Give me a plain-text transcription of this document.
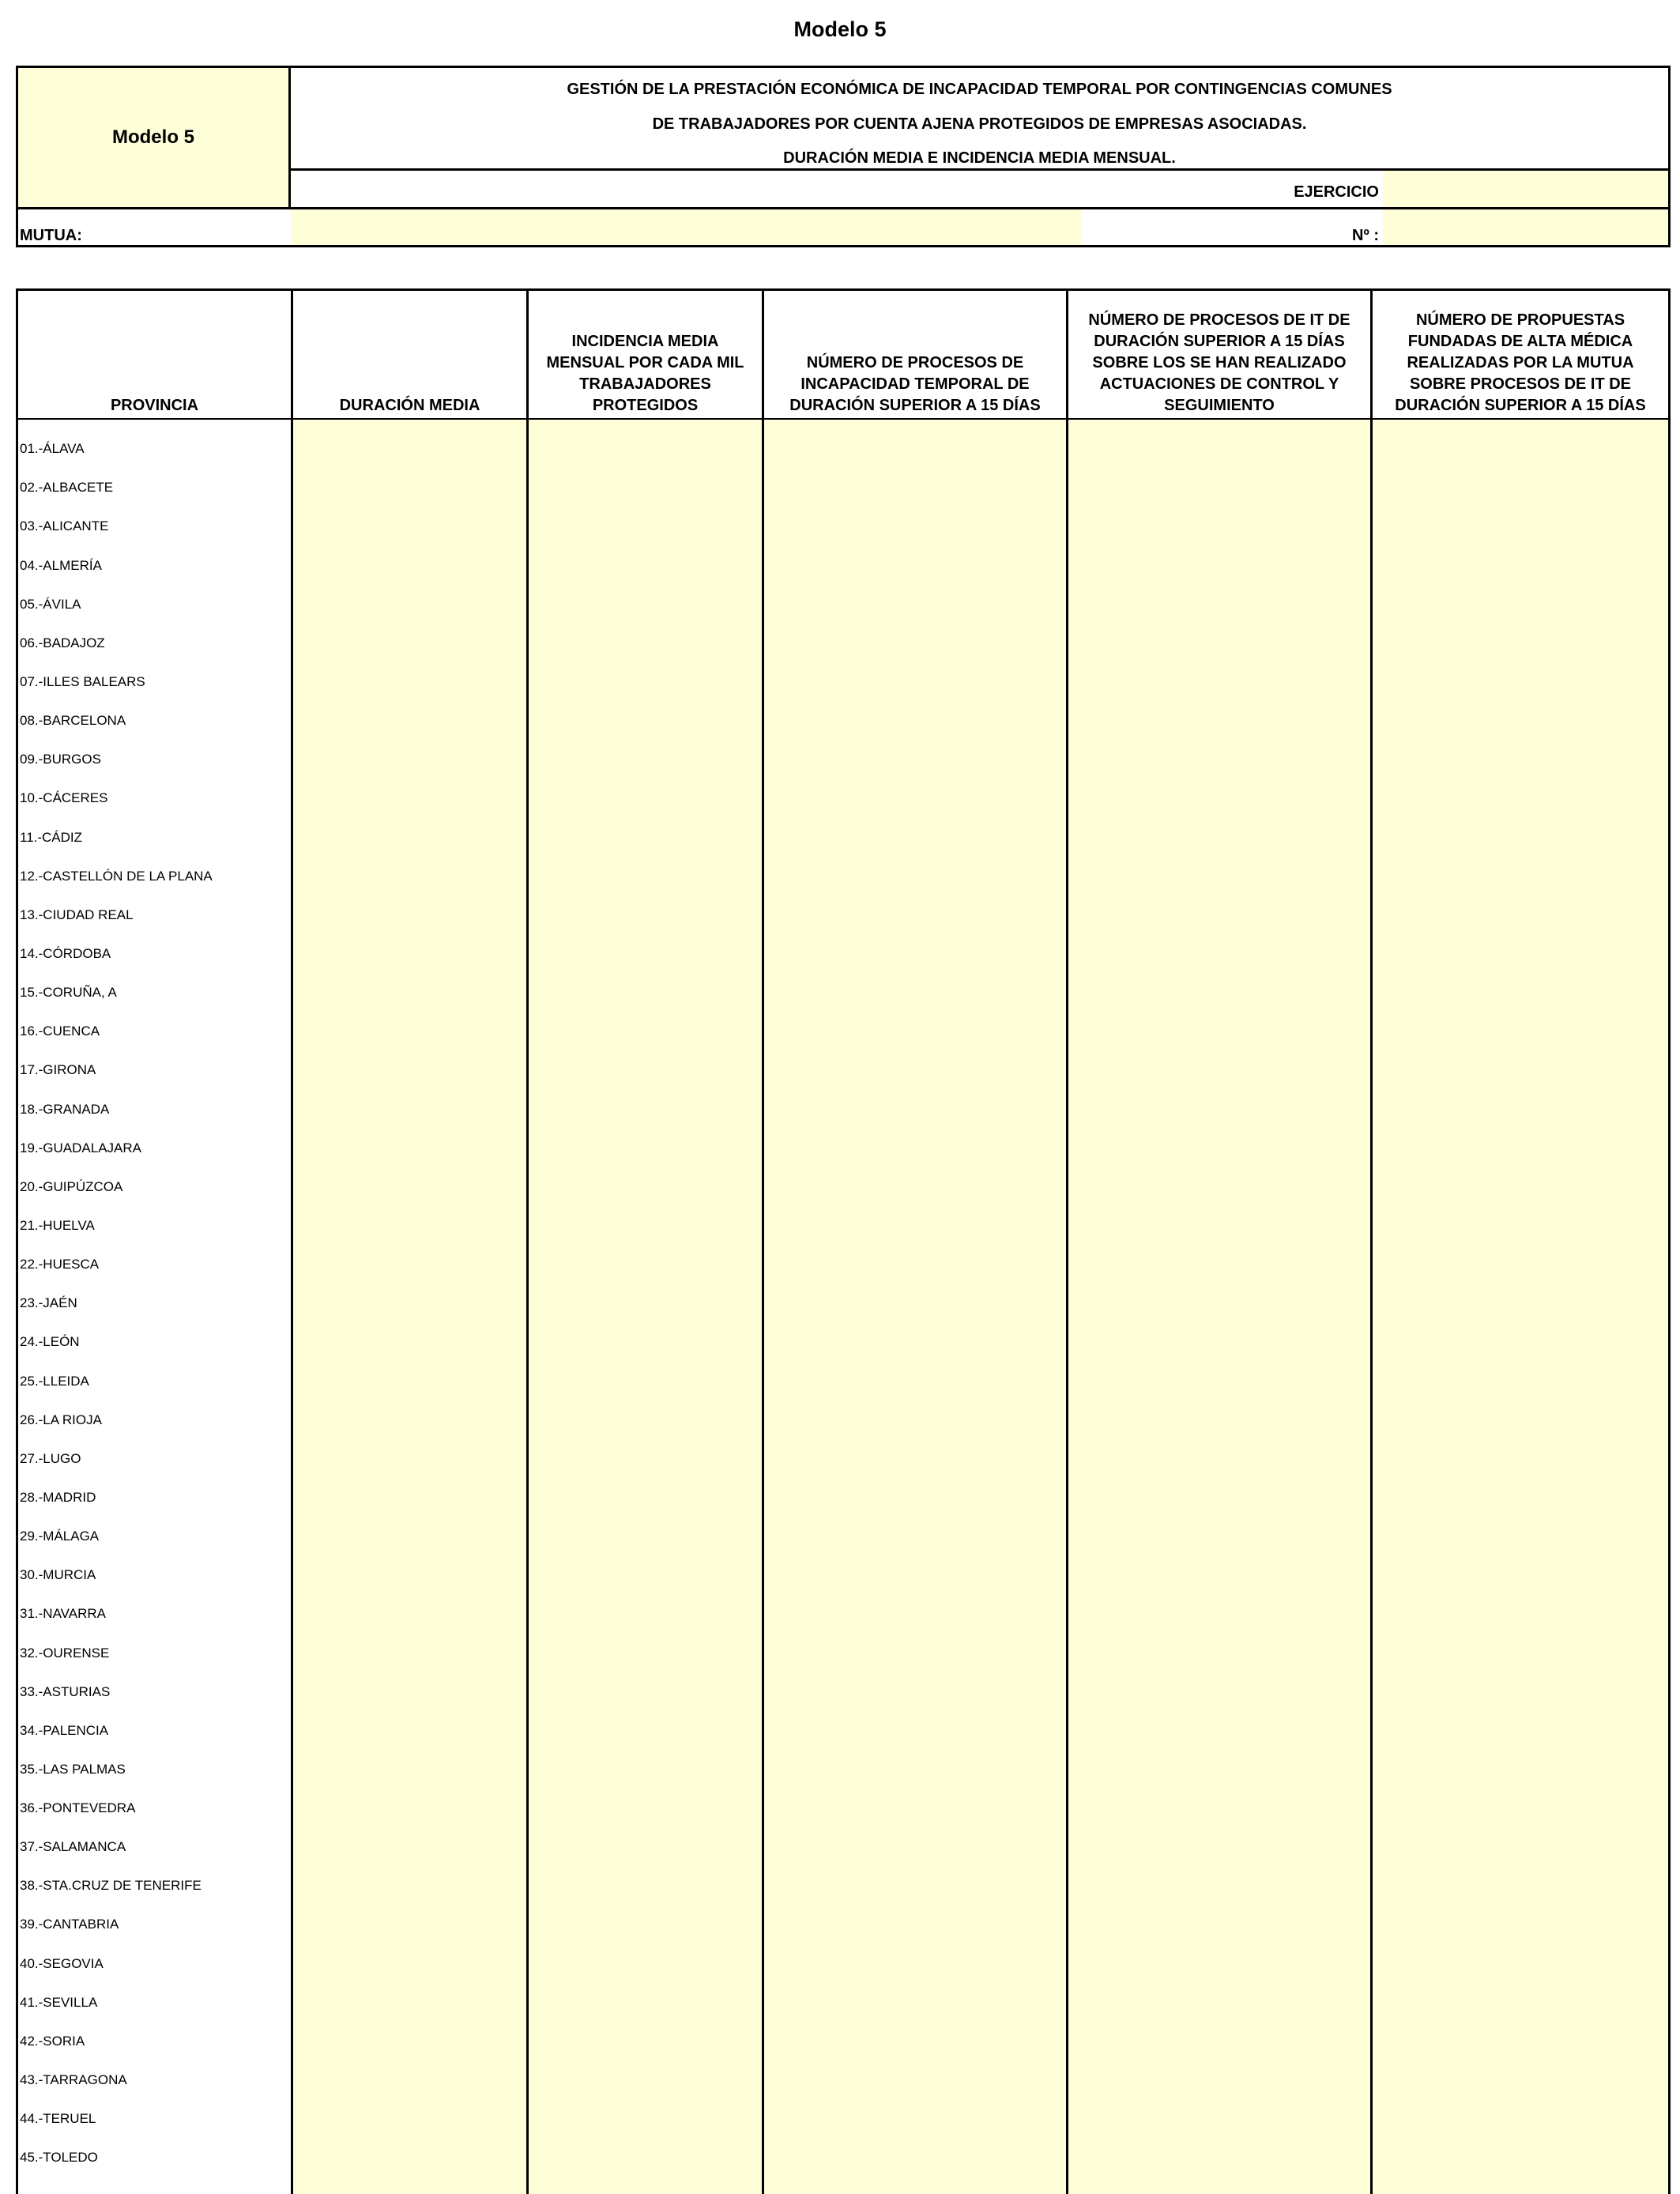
Modelo 5
Modelo 5
GESTIÓN DE LA PRESTACIÓN ECONÓMICA DE INCAPACIDAD TEMPORAL POR CONTINGENCIAS COMUNES
DE TRABAJADORES POR CUENTA AJENA PROTEGIDOS DE EMPRESAS ASOCIADAS.
DURACIÓN MEDIA E INCIDENCIA MEDIA MENSUAL.
EJERCICIO
MUTUA:	Nº :
PROVINCIA
01.-ÁLAVA
02.-ALBACETE
03.-ALICANTE
04.-ALMERÍA
05.-ÁVILA
06.-BADAJOZ
07.-ILLES BALEARS
08.-BARCELONA
09.-BURGOS
10.-CÁCERES
11.-CÁDIZ
12.-CASTELLÓN DE LA PLANA
13.-CIUDAD REAL
14.-CÓRDOBA
15.-CORUÑA, A
16.-CUENCA
17.-GIRONA
18.-GRANADA
19.-GUADALAJARA
20.-GUIPÚZCOA
21.-HUELVA
22.-HUESCA
23.-JAÉN
24.-LEÓN
25.-LLEIDA
26.-LA RIOJA
27.-LUGO
28.-MADRID
29.-MÁLAGA
30.-MURCIA
31.-NAVARRA
32.-OURENSE
33.-ASTURIAS
34.-PALENCIA
35.-LAS PALMAS
36.-PONTEVEDRA
37.-SALAMANCA
38.-STA.CRUZ DE TENERIFE
39.-CANTABRIA
40.-SEGOVIA
41.-SEVILLA
42.-SORIA
43.-TARRAGONA
44.-TERUEL
45.-TOLEDO
DURACIÓN MEDIA
INCIDENCIA MEDIA MENSUAL POR CADA MIL TRABAJADORES PROTEGIDOS
NÚMERO DE PROCESOS DE INCAPACIDAD TEMPORAL DE DURACIÓN SUPERIOR A 15 DÍAS
NÚMERO DE PROCESOS DE IT DE DURACIÓN SUPERIOR A 15 DÍAS SOBRE LOS SE HAN REALIZADO ACTUACIONES DE CONTROL Y SEGUIMIENTO
NÚMERO DE PROPUESTAS FUNDADAS DE ALTA MÉDICA REALIZADAS POR LA MUTUA SOBRE PROCESOS DE IT DE DURACIÓN SUPERIOR A 15 DÍAS
